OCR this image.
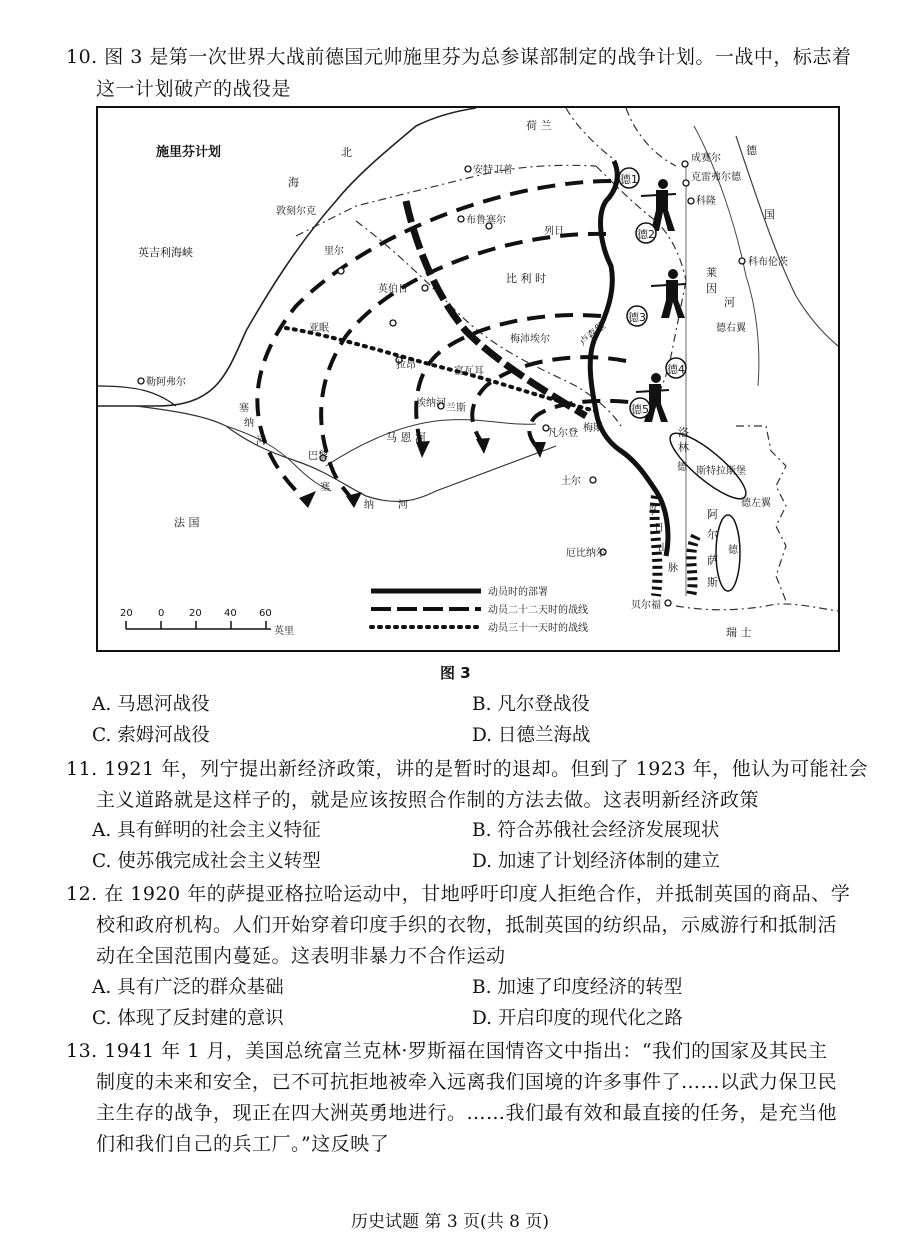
10. 图 3 是第一次世界大战前德国元帅施里芬为总参谋部制定的战争计划。一战中，标志着
这一计划破产的战役是
德1
德2
德3
德4
德5
施里芬计划
荷 兰
北
海
德
国
英吉利海峡
比 利 时
卢森堡
法 国
瑞 士
莱
因
河
阿
尔
萨
斯
洛
林
孚
日
山
脉
安特卫普
敦刻尔克
布鲁塞尔
里尔
列日
英伯日
亚眠
梅沛埃尔
勒阿弗尔
拉昂
富瓦耳
兰斯
凡尔登 梅斯
土尔
厄比纳尔
贝尔福
巴黎
成赛尔
克雷弗尔德
科隆
科布伦茨
斯特拉斯堡
塞
纳
河	马 恩 河
埃纳河
塞
纳 河
德右翼
德左翼
德
德
动员时的部署
动员二十二天时的战线
动员三十一天时的战线
20	0 20 40 60
英里
图 3
A. 马恩河战役	B. 凡尔登战役
C. 索姆河战役	D. 日德兰海战
11. 1921 年，列宁提出新经济政策，讲的是暂时的退却。但到了 1923 年，他认为可能社会
主义道路就是这样子的，就是应该按照合作制的方法去做。这表明新经济政策
A. 具有鲜明的社会主义特征	B. 符合苏俄社会经济发展现状
C. 使苏俄完成社会主义转型	D. 加速了计划经济体制的建立
12. 在 1920 年的萨提亚格拉哈运动中，甘地呼吁印度人拒绝合作，并抵制英国的商品、学
校和政府机构。人们开始穿着印度手织的衣物，抵制英国的纺织品，示威游行和抵制活
动在全国范围内蔓延。这表明非暴力不合作运动
A. 具有广泛的群众基础	B. 加速了印度经济的转型
C. 体现了反封建的意识	D. 开启印度的现代化之路
13. 1941 年 1 月，美国总统富兰克林·罗斯福在国情咨文中指出：“我们的国家及其民主
制度的未来和安全，已不可抗拒地被牵入远离我们国境的许多事件了……以武力保卫民
主生存的战争，现正在四大洲英勇地进行。……我们最有效和最直接的任务，是充当他
们和我们自己的兵工厂。”这反映了
历史试题 第 3 页(共 8 页)
